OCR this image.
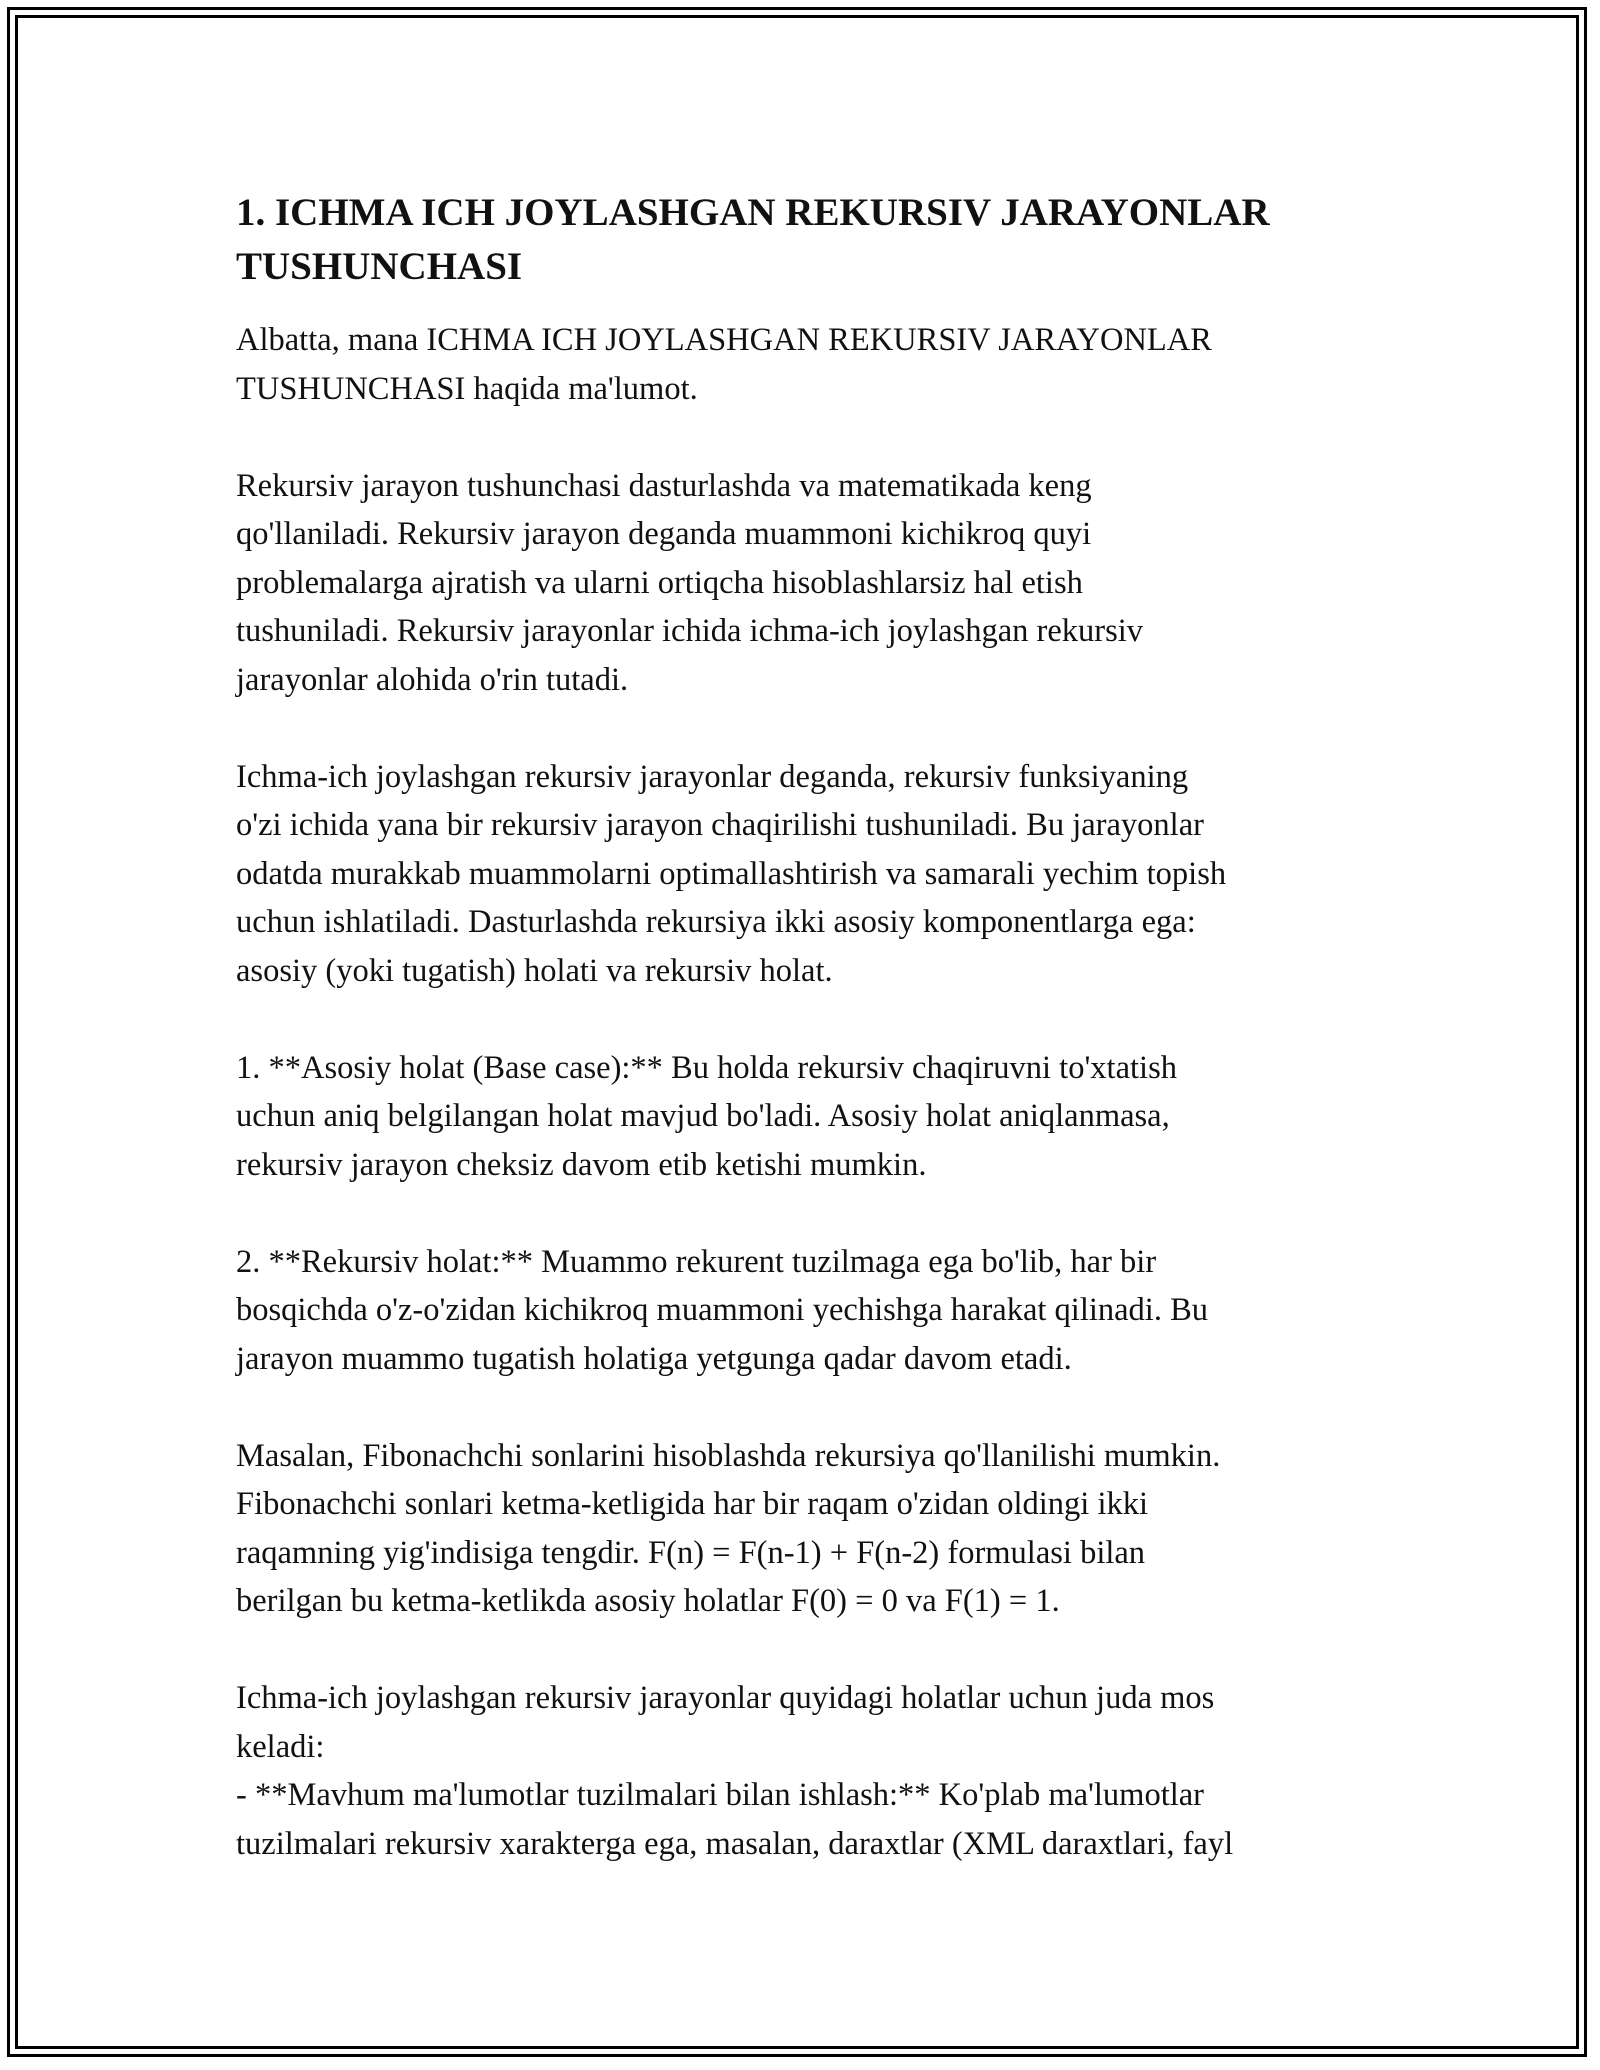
1. ICHMA ICH JOYLASHGAN REKURSIV JARAYONLAR
TUSHUNCHASI
Albatta, mana ICHMA ICH JOYLASHGAN REKURSIV JARAYONLAR
TUSHUNCHASI haqida ma'lumot.
Rekursiv jarayon tushunchasi dasturlashda va matematikada keng
qo'llaniladi. Rekursiv jarayon deganda muammoni kichikroq quyi
problemalarga ajratish va ularni ortiqcha hisoblashlarsiz hal etish
tushuniladi. Rekursiv jarayonlar ichida ichma-ich joylashgan rekursiv
jarayonlar alohida o'rin tutadi.
Ichma-ich joylashgan rekursiv jarayonlar deganda, rekursiv funksiyaning
o'zi ichida yana bir rekursiv jarayon chaqirilishi tushuniladi. Bu jarayonlar
odatda murakkab muammolarni optimallashtirish va samarali yechim topish
uchun ishlatiladi. Dasturlashda rekursiya ikki asosiy komponentlarga ega:
asosiy (yoki tugatish) holati va rekursiv holat.
1. **Asosiy holat (Base case):** Bu holda rekursiv chaqiruvni to'xtatish
uchun aniq belgilangan holat mavjud bo'ladi. Asosiy holat aniqlanmasa,
rekursiv jarayon cheksiz davom etib ketishi mumkin.
2. **Rekursiv holat:** Muammo rekurent tuzilmaga ega bo'lib, har bir
bosqichda o'z-o'zidan kichikroq muammoni yechishga harakat qilinadi. Bu
jarayon muammo tugatish holatiga yetgunga qadar davom etadi.
Masalan, Fibonachchi sonlarini hisoblashda rekursiya qo'llanilishi mumkin.
Fibonachchi sonlari ketma-ketligida har bir raqam o'zidan oldingi ikki
raqamning yig'indisiga tengdir. F(n) = F(n-1) + F(n-2) formulasi bilan
berilgan bu ketma-ketlikda asosiy holatlar F(0) = 0 va F(1) = 1.
Ichma-ich joylashgan rekursiv jarayonlar quyidagi holatlar uchun juda mos
keladi:
- **Mavhum ma'lumotlar tuzilmalari bilan ishlash:** Ko'plab ma'lumotlar
tuzilmalari rekursiv xarakterga ega, masalan, daraxtlar (XML daraxtlari, fayl
